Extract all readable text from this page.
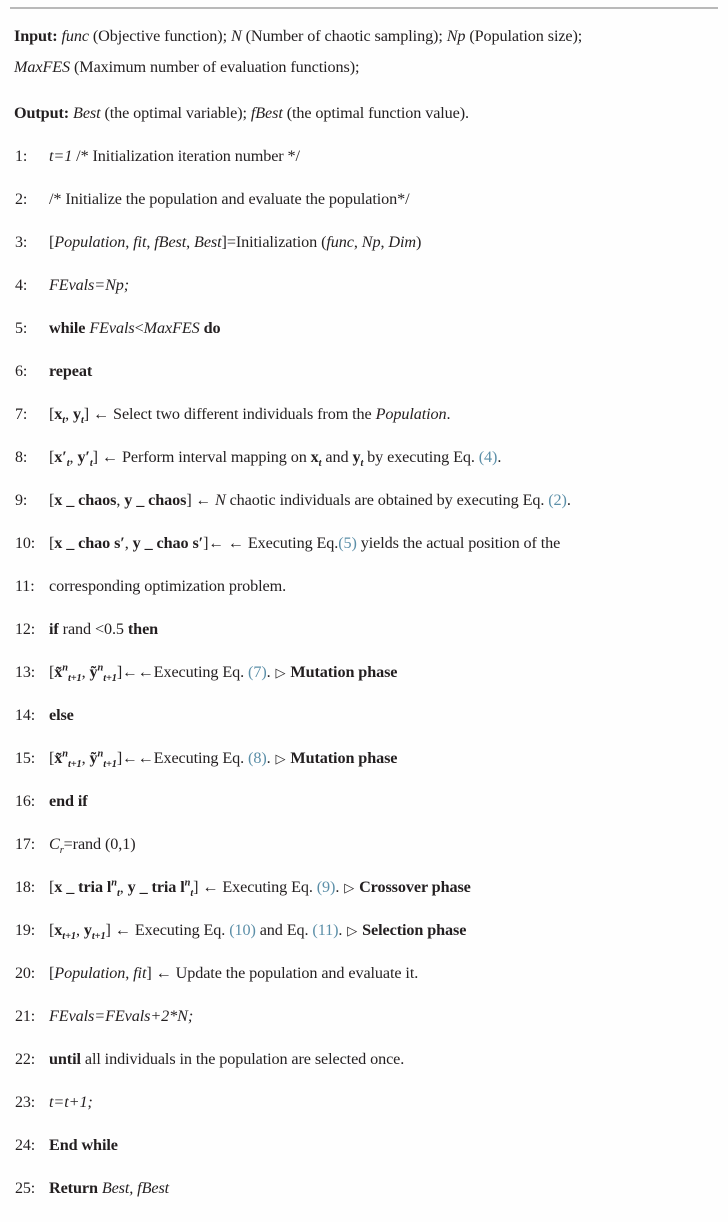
Input: func (Objective function); N (Number of chaotic sampling); Np (Population size);
MaxFES (Maximum number of evaluation functions);
Output: Best (the optimal variable); fBest (the optimal function value).
1:	t=1 /* Initialization iteration number */
2:	/* Initialize the population and evaluate the population*/
3:	[Population, fit, fBest, Best]=Initialization (func, Np, Dim)
4:	FEvals=Np;
5:	while FEvals<MaxFES do
6:	repeat
7:	[$x_t$, $y_t$] ← Select two different individuals from the Population.
8:	[$x'_t$, $y'_t$] ← Perform interval mapping on $x_t$ and $y_t$ by executing Eq. (4).
9:	[x _ chaos, y _ chaos] ← N chaotic individuals are obtained by executing Eq. (2).
10: [x _ chao s′, y _ chao s′]← ← Executing Eq.(5) yields the actual position of the
11: corresponding optimization problem.
12: if rand <0.5 then
13: [x̃$^n_{t+1}$, ỹ$^n_{t+1}$]←←Executing Eq. (7). ▷ Mutation phase
14: else
15: [x̃$^n_{t+1}$, ỹ$^n_{t+1}$]←←Executing Eq. (8). ▷ Mutation phase
16: end if
17: $C_r=rand$ (0,1)
18: [x _ tria $l^n_t$, y _ tria $l^n_t$] ← Executing Eq. (9). ▷ Crossover phase
19: [$x_{t+1}$, $y_{t+1}$] ← Executing Eq. (10) and Eq. (11). ▷ Selection phase
20: [Population, fit] ← Update the population and evaluate it.
21: FEvals=FEvals+2*N;
22: until all individuals in the population are selected once.
23: t=t+1;
24: End while
25: Return Best, fBest
